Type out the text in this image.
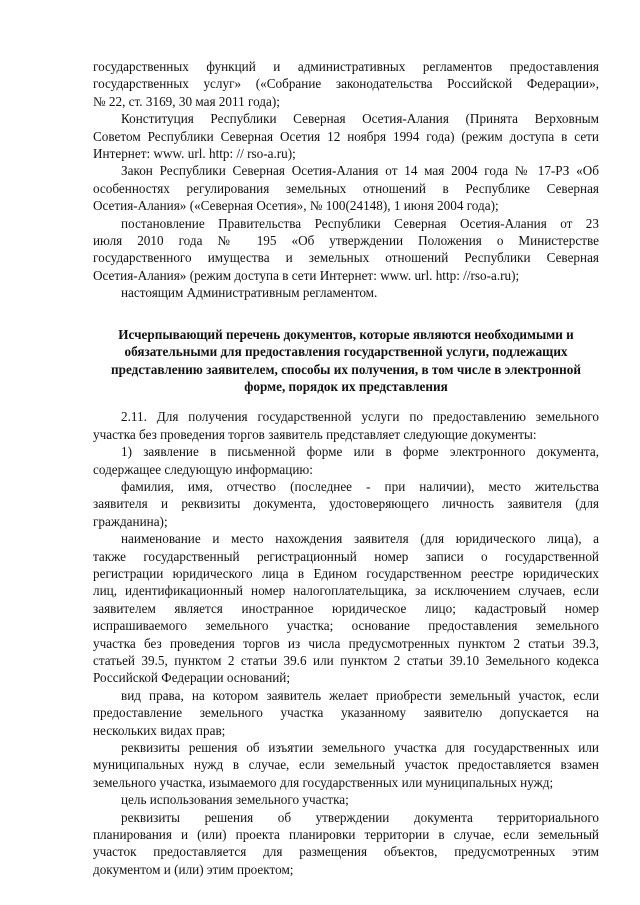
государственных функций и административных регламентов предоставления
государственных услуг» («Собрание законодательства Российской Федерации»,
№ 22, ст. 3169, 30 мая 2011 года);
Конституция Республики Северная Осетия-Алания (Принята Верховным
Советом Республики Северная Осетия 12 ноября 1994 года) (режим доступа в сети
Интернет: www. url. http: // rso-a.ru);
Закон Республики Северная Осетия-Алания от 14 мая 2004 года № 17-РЗ «Об
особенностях регулирования земельных отношений в Республике Северная
Осетия-Алания» («Северная Осетия», № 100(24148), 1 июня 2004 года);
постановление Правительства Республики Северная Осетия-Алания от 23
июля 2010 года № 195 «Об утверждении Положения о Министерстве
государственного имущества и земельных отношений Республики Северная
Осетия-Алания» (режим доступа в сети Интернет: www. url. http: //rso-a.ru);
настоящим Административным регламентом.
Исчерпывающий перечень документов, которые являются необходимыми и
обязательными для предоставления государственной услуги, подлежащих
представлению заявителем, способы их получения, в том числе в электронной
форме, порядок их представления
2.11. Для получения государственной услуги по предоставлению земельного
участка без проведения торгов заявитель представляет следующие документы:
1) заявление в письменной форме или в форме электронного документа,
содержащее следующую информацию:
фамилия, имя, отчество (последнее - при наличии), место жительства
заявителя и реквизиты документа, удостоверяющего личность заявителя (для
гражданина);
наименование и место нахождения заявителя (для юридического лица), а
также государственный регистрационный номер записи о государственной
регистрации юридического лица в Едином государственном реестре юридических
лиц, идентификационный номер налогоплательщика, за исключением случаев, если
заявителем является иностранное юридическое лицо; кадастровый номер
испрашиваемого земельного участка; основание предоставления земельного
участка без проведения торгов из числа предусмотренных пунктом 2 статьи 39.3,
статьей 39.5, пунктом 2 статьи 39.6 или пунктом 2 статьи 39.10 Земельного кодекса
Российской Федерации оснований;
вид права, на котором заявитель желает приобрести земельный участок, если
предоставление земельного участка указанному заявителю допускается на
нескольких видах прав;
реквизиты решения об изъятии земельного участка для государственных или
муниципальных нужд в случае, если земельный участок предоставляется взамен
земельного участка, изымаемого для государственных или муниципальных нужд;
цель использования земельного участка;
реквизиты решения об утверждении документа территориального
планирования и (или) проекта планировки территории в случае, если земельный
участок предоставляется для размещения объектов, предусмотренных этим
документом и (или) этим проектом;
